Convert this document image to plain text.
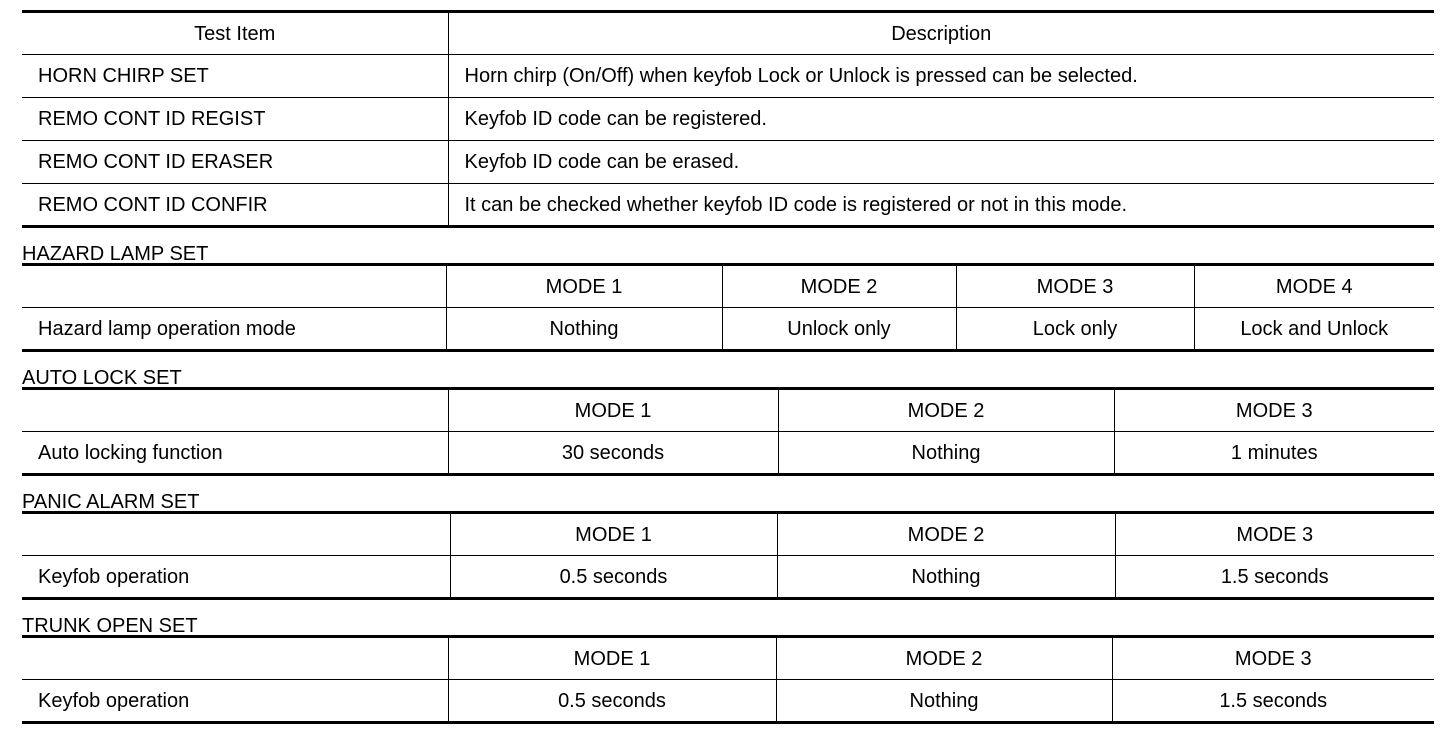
Test Item	Description
HORN CHIRP SET	Horn chirp (On/Off) when keyfob Lock or Unlock is pressed can be selected.
REMO CONT ID REGIST	Keyfob ID code can be registered.
REMO CONT ID ERASER	Keyfob ID code can be erased.
REMO CONT ID CONFIR	It can be checked whether keyfob ID code is registered or not in this mode.
HAZARD LAMP SET
	MODE 1	MODE 2	MODE 3	MODE 4
Hazard lamp operation mode	Nothing	Unlock only	Lock only	Lock and Unlock
AUTO LOCK SET
	MODE 1	MODE 2	MODE 3
Auto locking function	30 seconds	Nothing	1 minutes
PANIC ALARM SET
	MODE 1	MODE 2	MODE 3
Keyfob operation	0.5 seconds	Nothing	1.5 seconds
TRUNK OPEN SET
	MODE 1	MODE 2	MODE 3
Keyfob operation	0.5 seconds	Nothing	1.5 seconds
